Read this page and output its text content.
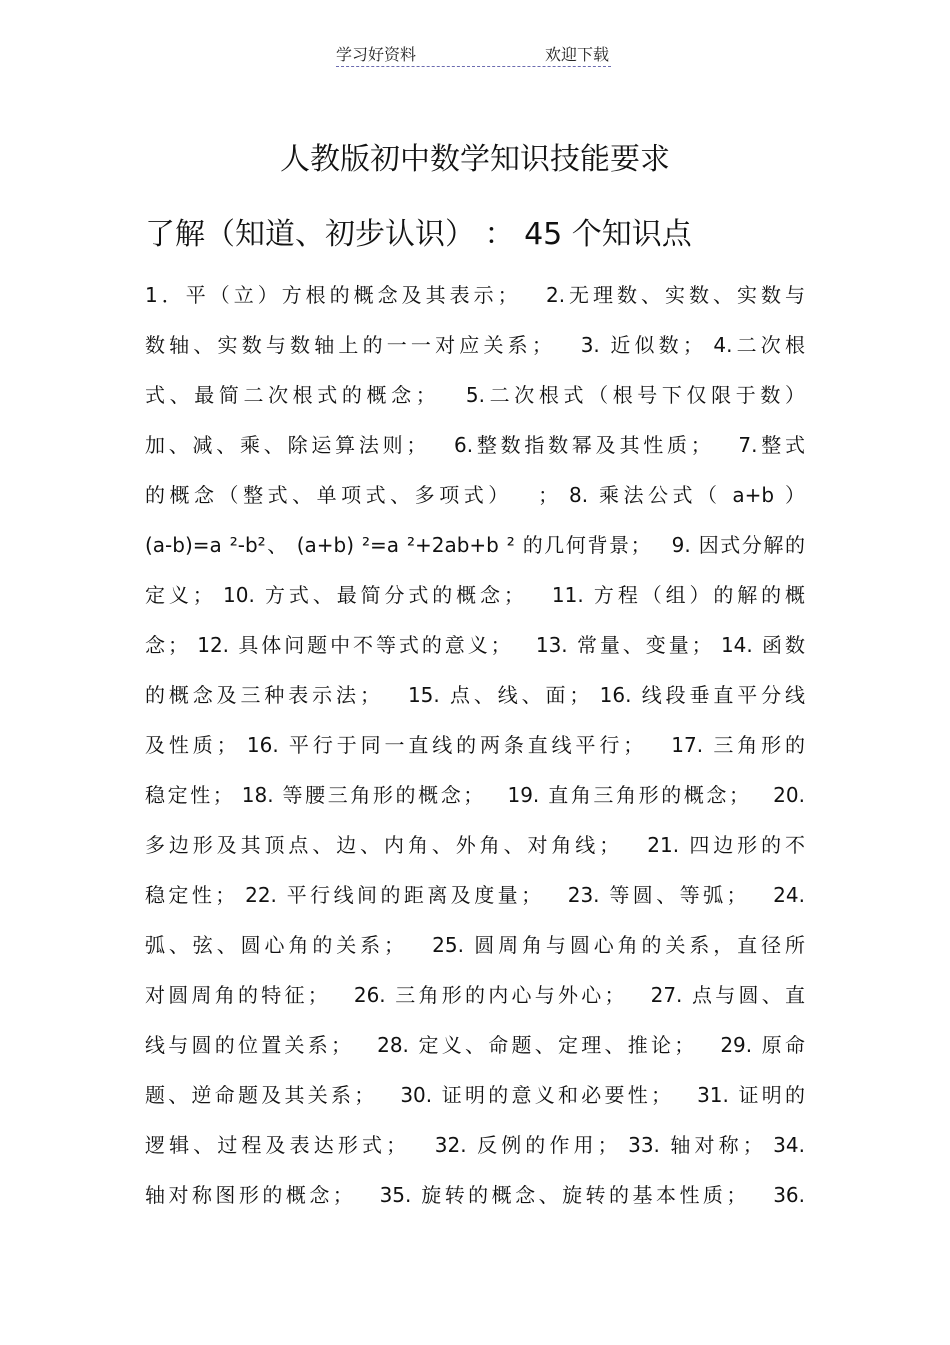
学习好资料	欢迎下载
人教版初中数学知识技能要求
了解（知道、初步认识） ： 45 个知识点
1．平（立）方根的概念及其表示；　 2.无理数、实数、实数与
数轴、实数与数轴上的一一对应关系；　 3. 近似数； 4.二次根
式、最简二次根式的概念；　 5.二次根式（根号下仅限于数）
加、减、乘、除运算法则；　 6.整数指数幂及其性质；　 7.整式
的概念（整式、单项式、多项式）　 ； 8. 乘法公式（ a+b ）
(a-b)=a ²-b²、 (a+b) ²=a ²+2ab+b ² 的几何背景；　 9. 因式分解的
定义； 10. 方式、最简分式的概念；　 11. 方程（组）的解的概
念； 12. 具体问题中不等式的意义；　 13. 常量、变量； 14. 函数
的概念及三种表示法；　 15. 点、线、面； 16. 线段垂直平分线
及性质； 16. 平行于同一直线的两条直线平行；　 17. 三角形的
稳定性； 18. 等腰三角形的概念；　 19. 直角三角形的概念；　 20.
多边形及其顶点、边、内角、外角、对角线；　 21. 四边形的不
稳定性； 22. 平行线间的距离及度量；　 23. 等圆、等弧；　 24.
弧、弦、圆心角的关系；　 25. 圆周角与圆心角的关系，直径所
对圆周角的特征；　 26. 三角形的内心与外心；　 27. 点与圆、直
线与圆的位置关系；　 28. 定义、命题、定理、推论；　 29. 原命
题、逆命题及其关系；　 30. 证明的意义和必要性；　 31. 证明的
逻辑、过程及表达形式；　 32. 反例的作用； 33. 轴对称； 34.
轴对称图形的概念；　 35. 旋转的概念、旋转的基本性质；　 36.
